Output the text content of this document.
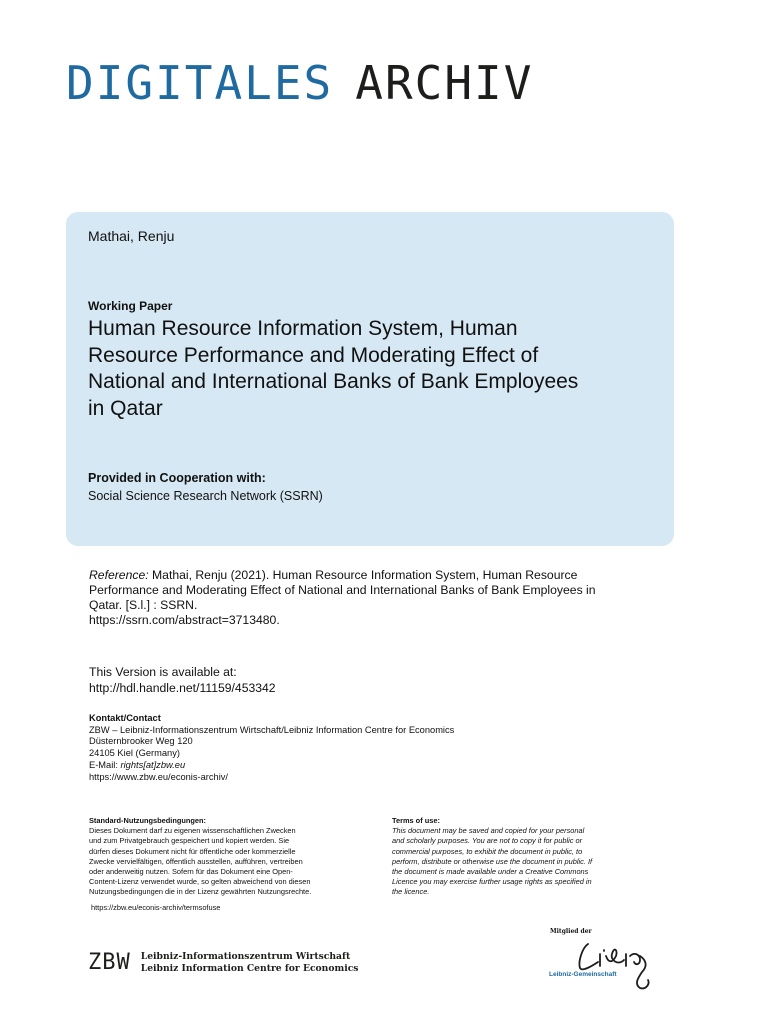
DIGITALES ARCHIV
Mathai, Renju
Working Paper
Human Resource Information System, Human
Resource Performance and Moderating Effect of
National and International Banks of Bank Employees
in Qatar
Provided in Cooperation with:
Social Science Research Network (SSRN)
Reference: Mathai, Renju (2021). Human Resource Information System, Human Resource
Performance and Moderating Effect of National and International Banks of Bank Employees in
Qatar. [S.l.] : SSRN.
https://ssrn.com/abstract=3713480.
This Version is available at:
http://hdl.handle.net/11159/453342
Kontakt/Contact
ZBW – Leibniz-Informationszentrum Wirtschaft/Leibniz Information Centre for Economics
Düsternbrooker Weg 120
24105 Kiel (Germany)
E-Mail: rights[at]zbw.eu
https://www.zbw.eu/econis-archiv/
Standard-Nutzungsbedingungen:
Dieses Dokument darf zu eigenen wissenschaftlichen Zwecken
und zum Privatgebrauch gespeichert und kopiert werden. Sie
dürfen dieses Dokument nicht für öffentliche oder kommerzielle
Zwecke vervielfältigen, öffentlich ausstellen, aufführen, vertreiben
oder anderweitig nutzen. Sofern für das Dokument eine Open-
Content-Lizenz verwendet wurde, so gelten abweichend von diesen
Nutzungsbedingungen die in der Lizenz gewährten Nutzungsrechte.
https://zbw.eu/econis-archiv/termsofuse
Terms of use:
This document may be saved and copied for your personal
and scholarly purposes. You are not to copy it for public or
commercial purposes, to exhibit the document in public, to
perform, distribute or otherwise use the document in public. If
the document is made available under a Creative Commons
Licence you may exercise further usage rights as specified in
the licence.
ZBW Leibniz-Informationszentrum Wirtschaft
Leibniz Information Centre for Economics
Mitglied der
Leibniz-Gemeinschaft
